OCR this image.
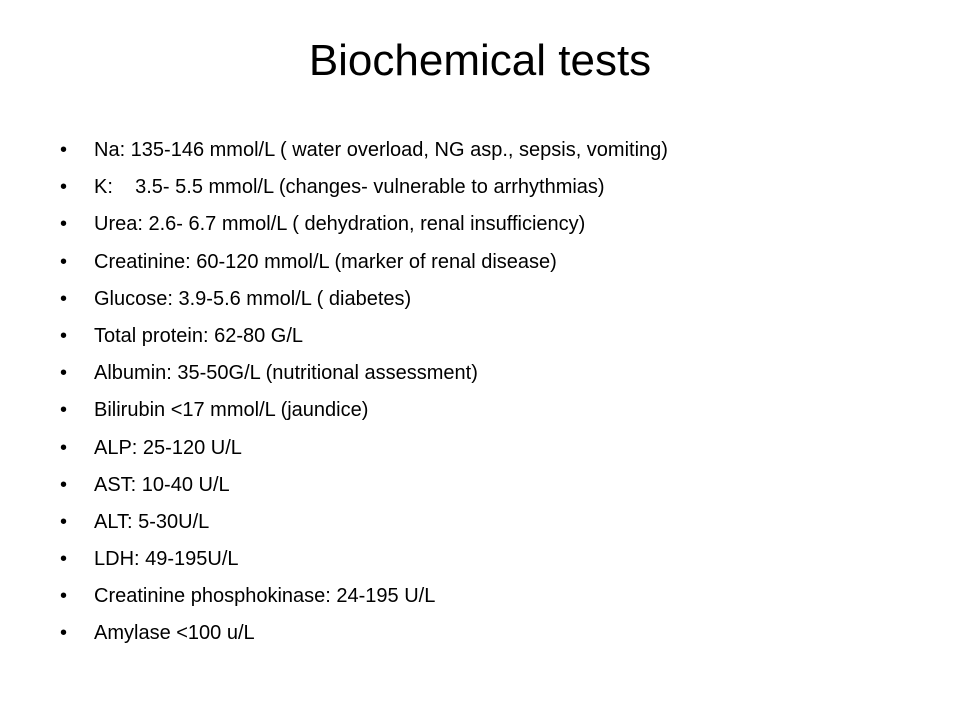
Biochemical tests
•	Na: 135-146 mmol/L ( water overload, NG asp., sepsis, vomiting)
•	K:    3.5- 5.5 mmol/L (changes- vulnerable to arrhythmias)
•	Urea: 2.6- 6.7 mmol/L ( dehydration, renal insufficiency)
•	Creatinine: 60-120 mmol/L (marker of renal disease)
•	Glucose: 3.9-5.6 mmol/L ( diabetes)
•	Total protein: 62-80 G/L
•	Albumin: 35-50G/L (nutritional assessment)
•	Bilirubin <17 mmol/L (jaundice)
•	ALP: 25-120 U/L
•	AST: 10-40 U/L
•	ALT: 5-30U/L
•	LDH: 49-195U/L
•	Creatinine phosphokinase: 24-195 U/L
•	Amylase <100 u/L
